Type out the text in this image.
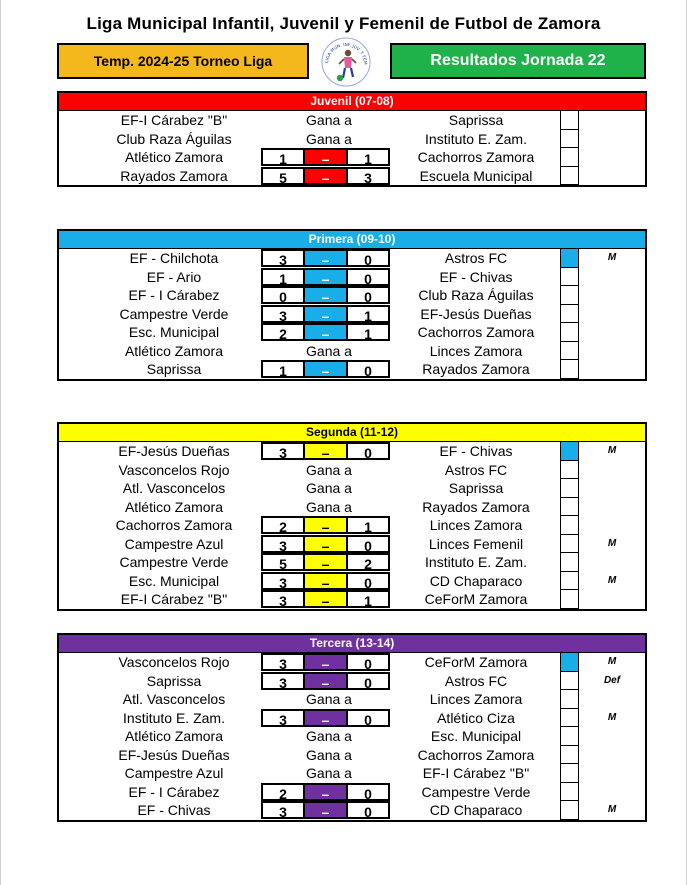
Liga Municipal Infantil, Juvenil y Femenil de Futbol de Zamora
Temp. 2024-25 Torneo Liga	LIGA MUN. INF. JUV. Y FEM	Resultados Jornada 22
Juvenil (07-08)
EF-I Cárabez "B"	Gana a	Saprissa
Club Raza Águilas	Gana a	Instituto E. Zam.
Atlético Zamora	1	–	1	Cachorros Zamora
Rayados Zamora	5	–	3	Escuela Municipal
Primera (09-10)
EF - Chilchota	3	–	0	Astros FC	M
EF - Ario	1	–	0	EF - Chivas
EF - I Cárabez	0	–	0	Club Raza Águilas
Campestre Verde	3	–	1	EF-Jesús Dueñas
Esc. Municipal	2	–	1	Cachorros Zamora
Atlético Zamora	Gana a	Linces Zamora
Saprissa	1	–	0	Rayados Zamora
Segunda (11-12)
EF-Jesús Dueñas	3	–	0	EF - Chivas	M
Vasconcelos Rojo	Gana a	Astros FC
Atl. Vasconcelos	Gana a	Saprissa
Atlético Zamora	Gana a	Rayados Zamora
Cachorros Zamora	2	–	1	Linces Zamora
Campestre Azul	3	–	0	Linces Femenil	M
Campestre Verde	5	–	2	Instituto E. Zam.
Esc. Municipal	3	–	0	CD Chaparaco	M
EF-I Cárabez "B"	3	–	1	CeForM Zamora
Tercera (13-14)
Vasconcelos Rojo	3	–	0	CeForM Zamora	M
Saprissa	3	–	0	Astros FC	Def
Atl. Vasconcelos	Gana a	Linces Zamora
Instituto E. Zam.	3	–	0	Atlético Ciza	M
Atlético Zamora	Gana a	Esc. Municipal
EF-Jesús Dueñas	Gana a	Cachorros Zamora
Campestre Azul	Gana a	EF-I Cárabez "B"
EF - I Cárabez	2	–	0	Campestre Verde
EF - Chivas	3	–	0	CD Chaparaco	M
